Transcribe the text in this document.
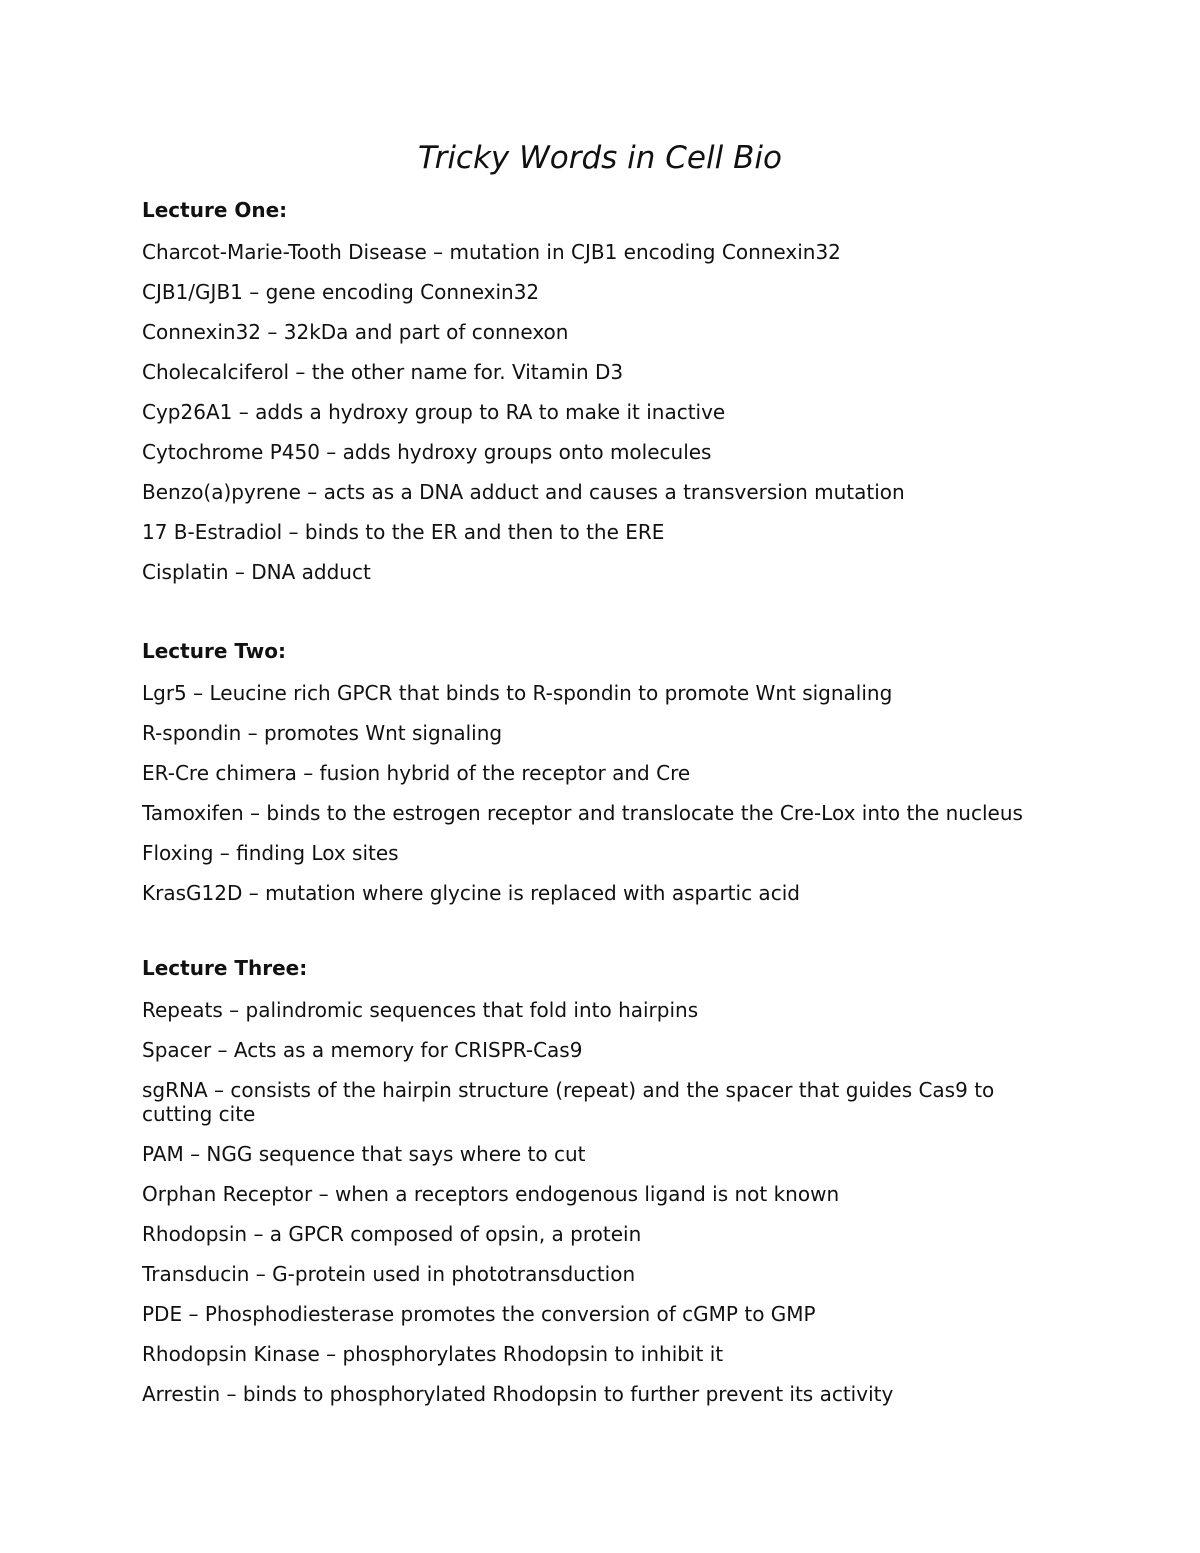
Tricky Words in Cell Bio

Lecture One:

Charcot-Marie-Tooth Disease – mutation in CJB1 encoding Connexin32

CJB1/GJB1 – gene encoding Connexin32

Connexin32 – 32kDa and part of connexon

Cholecalciferol – the other name for. Vitamin D3

Cyp26A1 – adds a hydroxy group to RA to make it inactive

Cytochrome P450 – adds hydroxy groups onto molecules

Benzo(a)pyrene – acts as a DNA adduct and causes a transversion mutation

17 B-Estradiol – binds to the ER and then to the ERE

Cisplatin – DNA adduct

Lecture Two:

Lgr5 – Leucine rich GPCR that binds to R-spondin to promote Wnt signaling

R-spondin – promotes Wnt signaling

ER-Cre chimera – fusion hybrid of the receptor and Cre

Tamoxifen – binds to the estrogen receptor and translocate the Cre-Lox into the nucleus

Floxing – finding Lox sites

KrasG12D – mutation where glycine is replaced with aspartic acid

Lecture Three:

Repeats – palindromic sequences that fold into hairpins

Spacer – Acts as a memory for CRISPR-Cas9

sgRNA – consists of the hairpin structure (repeat) and the spacer that guides Cas9 to cutting cite

PAM – NGG sequence that says where to cut

Orphan Receptor – when a receptors endogenous ligand is not known

Rhodopsin – a GPCR composed of opsin, a protein

Transducin – G-protein used in phototransduction

PDE – Phosphodiesterase promotes the conversion of cGMP to GMP

Rhodopsin Kinase – phosphorylates Rhodopsin to inhibit it

Arrestin – binds to phosphorylated Rhodopsin to further prevent its activity
